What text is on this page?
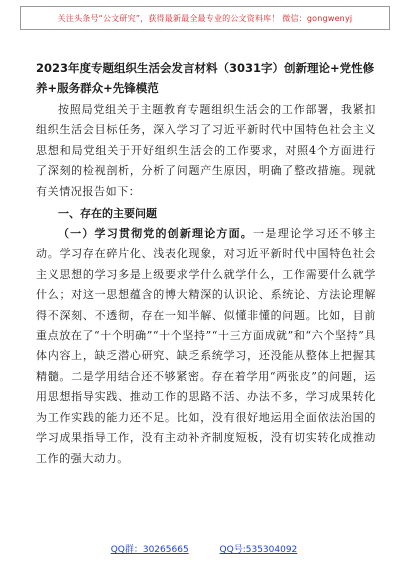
关注头条号“公文研究”，获得最新最全最专业的公文资料库！ 微信：gongwenyj

2023年度专题组织生活会发言材料（3031字）创新理论+党性修养+服务群众+先锋模范

按照局党组关于主题教育专题组织生活会的工作部署，我紧扣组织生活会目标任务，深入学习了习近平新时代中国特色社会主义思想和局党组关于开好组织生活会的工作要求，对照4个方面进行了深刻的检视剖析，分析了问题产生原因，明确了整改措施。现就有关情况报告如下：

一、存在的主要问题

（一）学习贯彻党的创新理论方面。一是理论学习还不够主动。学习存在碎片化、浅表化现象，对习近平新时代中国特色社会主义思想的学习多是上级要求学什么就学什么，工作需要什么就学什么；对这一思想蕴含的博大精深的认识论、系统论、方法论理解得不深刻、不透彻，存在一知半解、似懂非懂的问题。比如，目前重点放在了“十个明确”“十个坚持”“十三方面成就”和“六个坚持”具体内容上，缺乏潜心研究、缺乏系统学习，还没能从整体上把握其精髓。二是学用结合还不够紧密。存在着学用“两张皮”的问题，运用思想指导实践、推动工作的思路不活、办法不多，学习成果转化为工作实践的能力还不足。比如，没有很好地运用全面依法治国的学习成果指导工作，没有主动补齐制度短板，没有切实转化成推动工作的强大动力。

QQ群：30265665	QQ号:535304092
